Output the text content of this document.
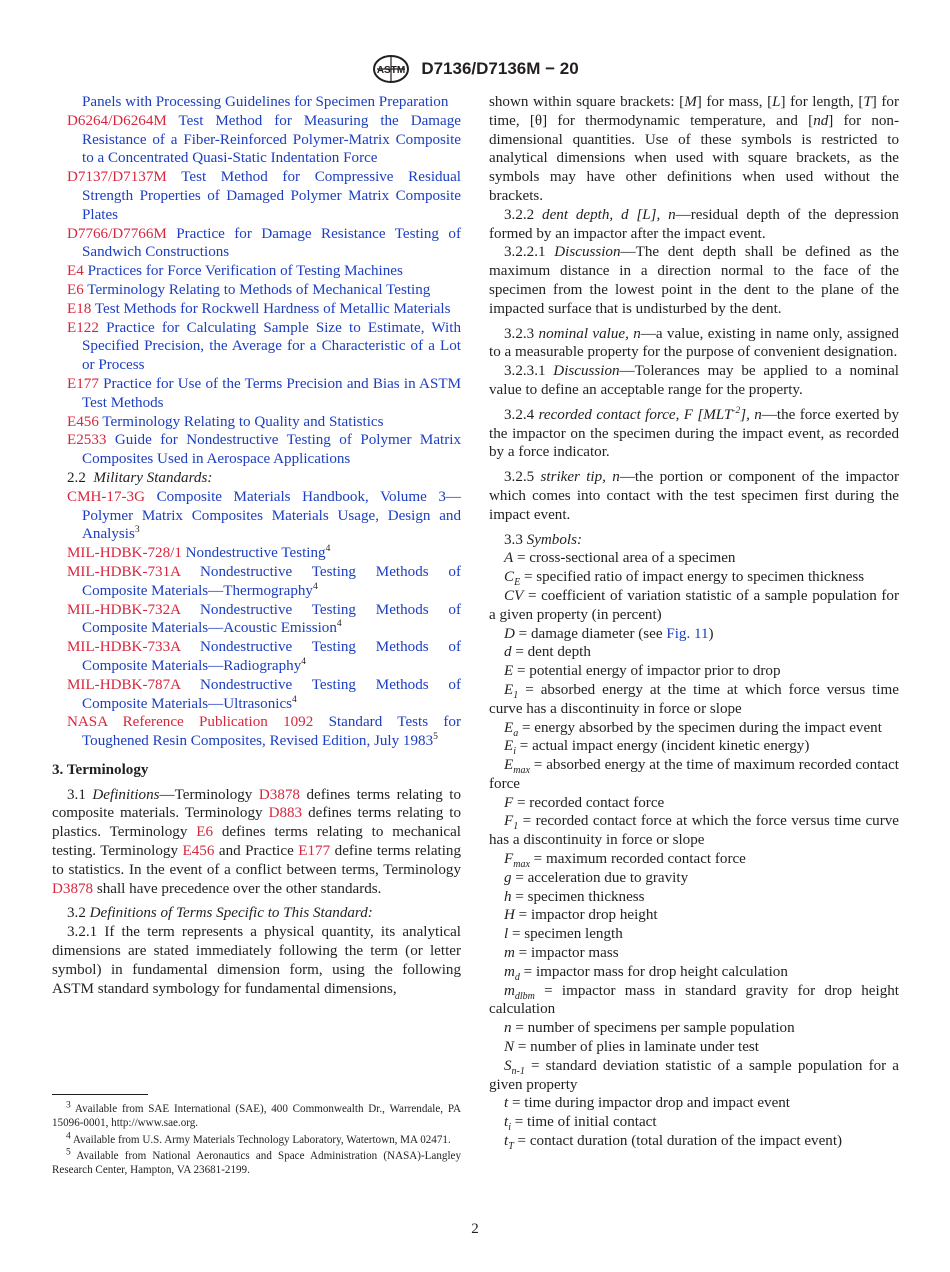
ASTM D7136/D7136M − 20
Panels with Processing Guidelines for Specimen Preparation
D6264/D6264M Test Method for Measuring the Damage Resistance of a Fiber-Reinforced Polymer-Matrix Composite to a Concentrated Quasi-Static Indentation Force
D7137/D7137M Test Method for Compressive Residual Strength Properties of Damaged Polymer Matrix Composite Plates
D7766/D7766M Practice for Damage Resistance Testing of Sandwich Constructions
E4 Practices for Force Verification of Testing Machines
E6 Terminology Relating to Methods of Mechanical Testing
E18 Test Methods for Rockwell Hardness of Metallic Materials
E122 Practice for Calculating Sample Size to Estimate, With Specified Precision, the Average for a Characteristic of a Lot or Process
E177 Practice for Use of the Terms Precision and Bias in ASTM Test Methods
E456 Terminology Relating to Quality and Statistics
E2533 Guide for Nondestructive Testing of Polymer Matrix Composites Used in Aerospace Applications
2.2 Military Standards:
CMH-17-3G Composite Materials Handbook, Volume 3—Polymer Matrix Composites Materials Usage, Design and Analysis$^3$
MIL-HDBK-728/1 Nondestructive Testing$^4$
MIL-HDBK-731A Nondestructive Testing Methods of Composite Materials—Thermography$^4$
MIL-HDBK-732A Nondestructive Testing Methods of Composite Materials—Acoustic Emission$^4$
MIL-HDBK-733A Nondestructive Testing Methods of Composite Materials—Radiography$^4$
MIL-HDBK-787A Nondestructive Testing Methods of Composite Materials—Ultrasonics$^4$
NASA Reference Publication 1092 Standard Tests for Toughened Resin Composites, Revised Edition, July 1983$^5$
3. Terminology
3.1 Definitions—Terminology D3878 defines terms relating to composite materials. Terminology D883 defines terms relating to plastics. Terminology E6 defines terms relating to mechanical testing. Terminology E456 and Practice E177 define terms relating to statistics. In the event of a conflict between terms, Terminology D3878 shall have precedence over the other standards.
3.2 Definitions of Terms Specific to This Standard:
3.2.1 If the term represents a physical quantity, its analytical dimensions are stated immediately following the term (or letter symbol) in fundamental dimension form, using the following ASTM standard symbology for fundamental dimensions,
shown within square brackets: [M] for mass, [L] for length, [T] for time, [θ] for thermodynamic temperature, and [nd] for non-dimensional quantities. Use of these symbols is restricted to analytical dimensions when used with square brackets, as the symbols may have other definitions when used without the brackets.
3.2.2 dent depth, d [L], n—residual depth of the depression formed by an impactor after the impact event.
3.2.2.1 Discussion—The dent depth shall be defined as the maximum distance in a direction normal to the face of the specimen from the lowest point in the dent to the plane of the impacted surface that is undisturbed by the dent.
3.2.3 nominal value, n—a value, existing in name only, assigned to a measurable property for the purpose of convenient designation.
3.2.3.1 Discussion—Tolerances may be applied to a nominal value to define an acceptable range for the property.
3.2.4 recorded contact force, F $[MLT^{-2}]$, n—the force exerted by the impactor on the specimen during the impact event, as recorded by a force indicator.
3.2.5 striker tip, n—the portion or component of the impactor which comes into contact with the test specimen first during the impact event.
3.3 Symbols:
A = cross-sectional area of a specimen
$C_E$ = specified ratio of impact energy to specimen thickness
CV = coefficient of variation statistic of a sample population for a given property (in percent)
D = damage diameter (see Fig. 11)
d = dent depth
E = potential energy of impactor prior to drop
$E_1$ = absorbed energy at the time at which force versus time curve has a discontinuity in force or slope
$E_a$ = energy absorbed by the specimen during the impact event
$E_i$ = actual impact energy (incident kinetic energy)
$E_{max}$ = absorbed energy at the time of maximum recorded contact force
F = recorded contact force
$F_1$ = recorded contact force at which the force versus time curve has a discontinuity in force or slope
$F_{max}$ = maximum recorded contact force
g = acceleration due to gravity
h = specimen thickness
H = impactor drop height
l = specimen length
m = impactor mass
$m_d$ = impactor mass for drop height calculation
$m_{dlbm}$ = impactor mass in standard gravity for drop height calculation
n = number of specimens per sample population
N = number of plies in laminate under test
$S_{n-1}$ = standard deviation statistic of a sample population for a given property
t = time during impactor drop and impact event
$t_i$ = time of initial contact
$t_T$ = contact duration (total duration of the impact event)
$^3$ Available from SAE International (SAE), 400 Commonwealth Dr., Warrendale, PA 15096-0001, http://www.sae.org.
$^4$ Available from U.S. Army Materials Technology Laboratory, Watertown, MA 02471.
$^5$ Available from National Aeronautics and Space Administration (NASA)-Langley Research Center, Hampton, VA 23681-2199.
2
